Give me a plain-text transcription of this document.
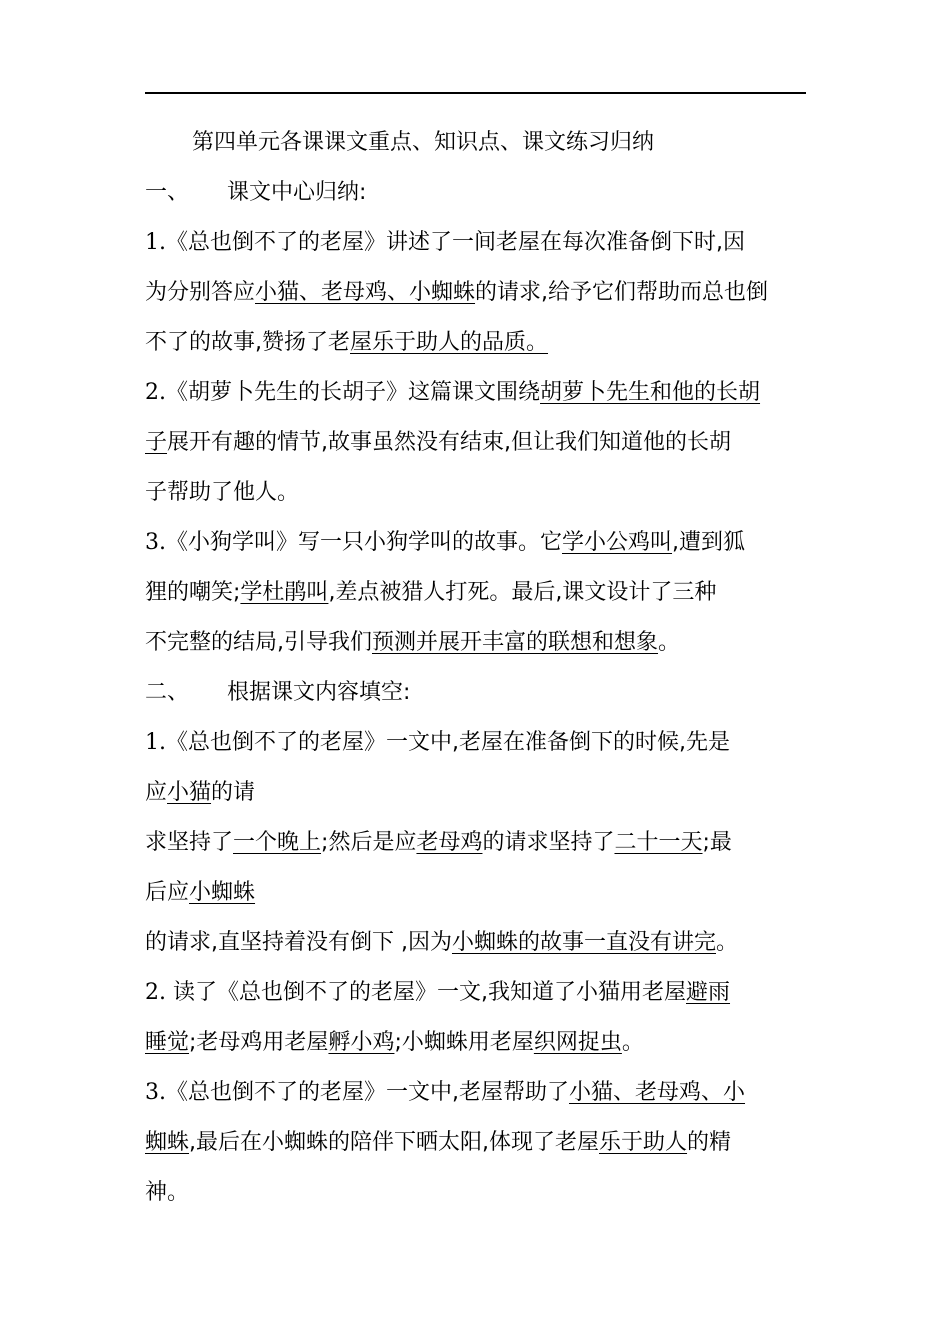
第四单元各课课文重点、知识点、课文练习归纳

一、 课文中心归纳:

1.《总也倒不了的老屋》讲述了一间老屋在每次准备倒下时,因

为分别答应小猫、老母鸡、小蜘蛛的请求,给予它们帮助而总也倒

不了的故事,赞扬了老屋乐于助人的品质。

2.《胡萝卜先生的长胡子》这篇课文围绕胡萝卜先生和他的长胡

子展开有趣的情节,故事虽然没有结束,但让我们知道他的长胡

子帮助了他人。

3.《小狗学叫》写一只小狗学叫的故事。它学小公鸡叫,遭到狐

狸的嘲笑;学杜鹃叫,差点被猎人打死。最后,课文设计了三种

不完整的结局,引导我们预测并展开丰富的联想和想象。

二、 根据课文内容填空:

1.《总也倒不了的老屋》一文中,老屋在准备倒下的时候,先是

应小猫的请

求坚持了一个晚上;然后是应老母鸡的请求坚持了二十一天;最

后应小蜘蛛

的请求,直坚持着没有倒下 ,因为小蜘蛛的故事一直没有讲完。

2. 读了《总也倒不了的老屋》一文,我知道了小猫用老屋避雨

睡觉;老母鸡用老屋孵小鸡;小蜘蛛用老屋织网捉虫。

3.《总也倒不了的老屋》一文中,老屋帮助了小猫、老母鸡、小

蜘蛛,最后在小蜘蛛的陪伴下晒太阳,体现了老屋乐于助人的精

神。
